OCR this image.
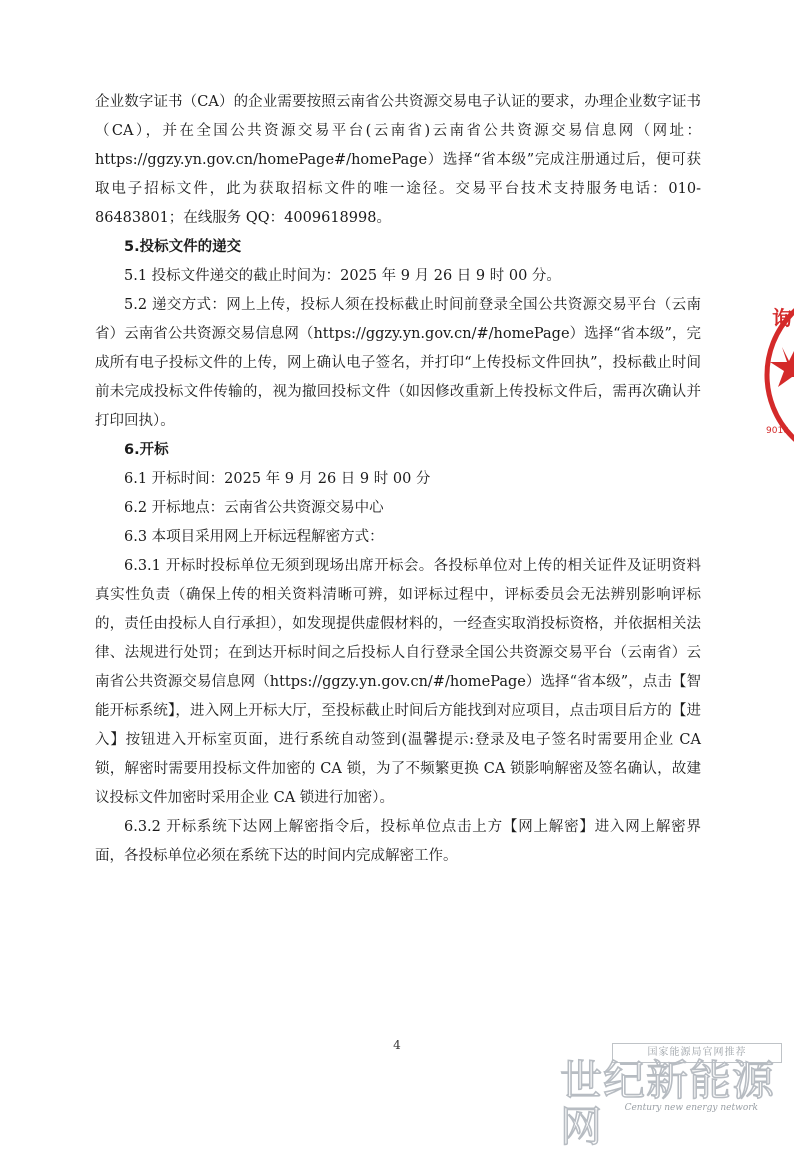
企业数字证书（CA）的企业需要按照云南省公共资源交易电子认证的要求，办理企业数字证书（CA），并在全国公共资源交易平台(云南省)云南省公共资源交易信息网（网址：https://ggzy.yn.gov.cn/homePage#/homePage）选择“省本级”完成注册通过后，便可获取电子招标文件，此为获取招标文件的唯一途径。交易平台技术支持服务电话：010-86483801；在线服务 QQ：4009618998。

5.投标文件的递交

5.1 投标文件递交的截止时间为：2025 年 9 月 26 日 9 时 00 分。

5.2 递交方式：网上上传，投标人须在投标截止时间前登录全国公共资源交易平台（云南省）云南省公共资源交易信息网（https://ggzy.yn.gov.cn/#/homePage）选择“省本级”，完成所有电子投标文件的上传，网上确认电子签名，并打印“上传投标文件回执”，投标截止时间前未完成投标文件传输的，视为撤回投标文件（如因修改重新上传投标文件后，需再次确认并打印回执）。

6.开标

6.1 开标时间：2025 年 9 月 26 日 9 时 00 分

6.2 开标地点：云南省公共资源交易中心

6.3 本项目采用网上开标远程解密方式：

6.3.1 开标时投标单位无须到现场出席开标会。各投标单位对上传的相关证件及证明资料真实性负责（确保上传的相关资料清晰可辨，如评标过程中，评标委员会无法辨别影响评标的，责任由投标人自行承担），如发现提供虚假材料的，一经查实取消投标资格，并依据相关法律、法规进行处罚；在到达开标时间之后投标人自行登录全国公共资源交易平台（云南省）云南省公共资源交易信息网（https://ggzy.yn.gov.cn/#/homePage）选择“省本级”，点击【智能开标系统】，进入网上开标大厅，至投标截止时间后方能找到对应项目，点击项目后方的【进入】按钮进入开标室页面，进行系统自动签到(温馨提示:登录及电子签名时需要用企业 CA 锁，解密时需要用投标文件加密的 CA 锁，为了不频繁更换 CA 锁影响解密及签名确认，故建议投标文件加密时采用企业 CA 锁进行加密）。

6.3.2 开标系统下达网上解密指令后，投标单位点击上方【网上解密】进入网上解密界面，各投标单位必须在系统下达的时间内完成解密工作。

询
9010
4
国家能源局官网推荐
世纪新能源网	Century new energy network
